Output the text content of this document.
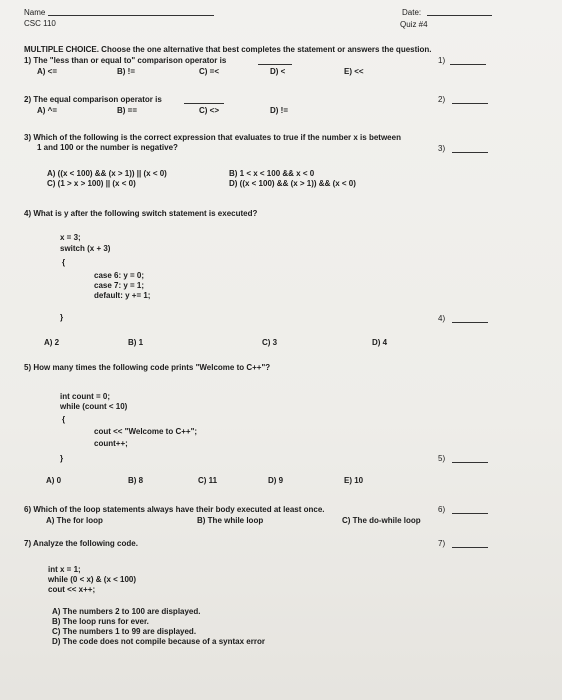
Name
CSC 110
Date:
Quiz #4
MULTIPLE CHOICE. Choose the one alternative that best completes the statement or answers the question.
1) The "less than or equal to" comparison operator is	1)
A) <=	B) !=	C) =<	D) <	E) <<
2) The equal comparison operator is	2)
A) ^=	B) ==	C) <>	D) !=
3) Which of the following is the correct expression that evaluates to true if the number x is between
1 and 100 or the number is negative?	3)
A) ((x < 100) && (x > 1)) || (x < 0)	B) 1 < x < 100 && x < 0
C) (1 > x > 100) || (x < 0)	D) ((x < 100) && (x > 1)) && (x < 0)
4) What is y after the following switch statement is executed?
x = 3;
switch (x + 3)
{
case 6: y = 0;
case 7: y = 1;
default: y += 1;
}	4)
A) 2	B) 1	C) 3	D) 4
5) How many times the following code prints "Welcome to C++"?
int count = 0;
while (count < 10)
{
cout << "Welcome to C++";
count++;
}	5)
A) 0	B) 8	C) 11	D) 9	E) 10
6) Which of the loop statements always have their body executed at least once.	6)
A) The for loop	B) The while loop	C) The do-while loop
7) Analyze the following code.	7)
int x = 1;
while (0 < x) & (x < 100)
cout << x++;
A) The numbers 2 to 100 are displayed.
B) The loop runs for ever.
C) The numbers 1 to 99 are displayed.
D) The code does not compile because of a syntax error
